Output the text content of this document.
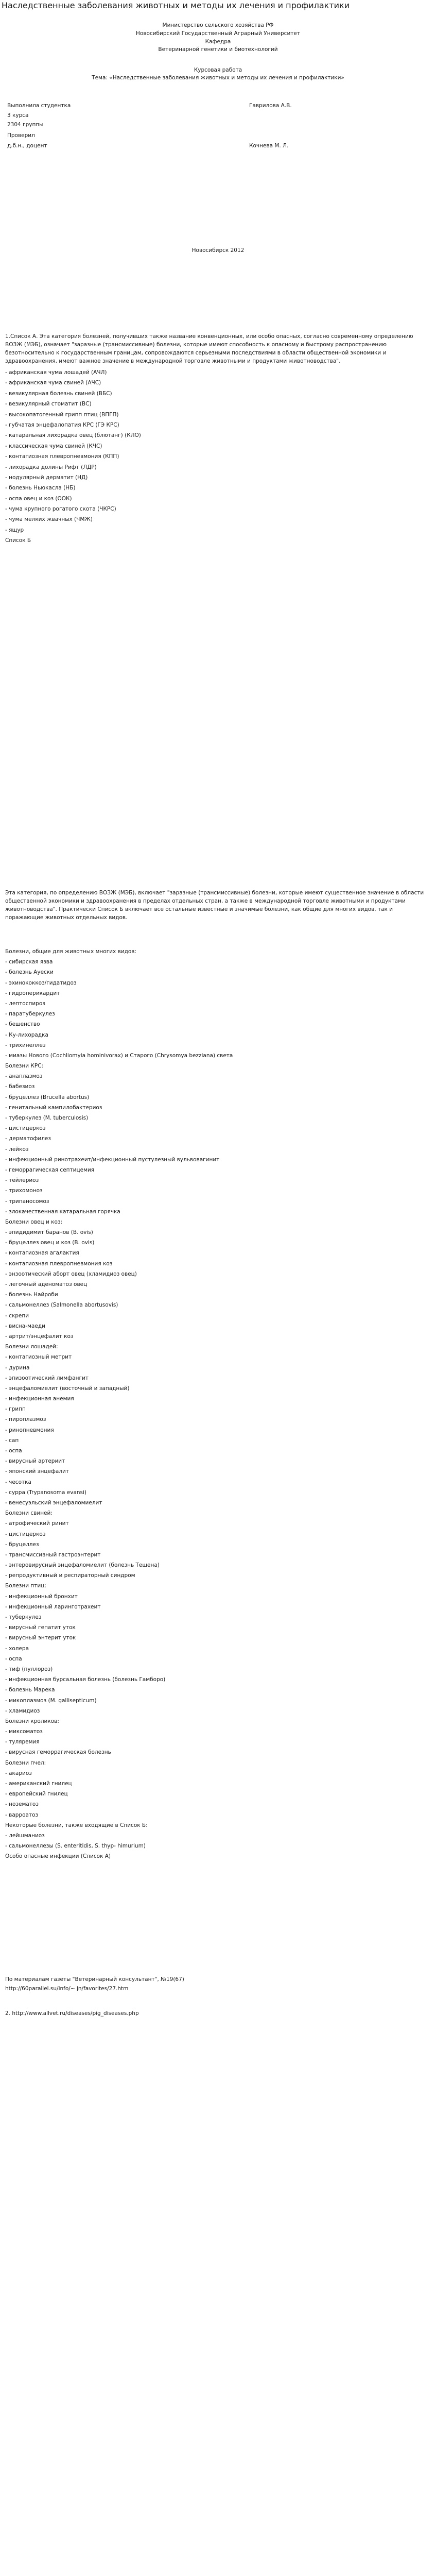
Наследственные заболевания животных и методы их лечения и профилактики
Министерство сельского хозяйства РФ
Новосибирский Государственный Аграрный Университет
Кафедра
Ветеринарной генетики и биотехнологий
Курсовая работа
Тема: «Наследственные заболевания животных и методы их лечения и профилактики»
Выполнила студентка	Гаврилова А.В.
3 курса
2304 группы
Проверил
д.б.н., доцент	Кочнева М. Л.
Новосибирск 2012
1.Список А. Эта категория болезней, получивших также название конвенционных, или особо опасных, согласно современному определению ВОЗЖ (МЭБ), означает "заразные (трансмиссивные) болезни, которые имеют способность к опасному и быстрому распространению безотносительно к государственным границам, сопровождаются серьезными последствиями в области общественной экономики и здравоохранения, имеют важное значение в международной торговле животными и продуктами животноводства".
- африканская чума лошадей (АЧЛ)
- африканская чума свиней (АЧС)
- везикулярная болезнь свиней (ВБС)
- везикулярный стоматит (ВС)
- высокопатогенный грипп птиц (ВПГП)
- губчатая энцефалопатия КРС (ГЭ КРС)
- катаральная лихорадка овец (блютанг) (КЛО)
- классическая чума свиней (КЧС)
- контагиозная плевропневмония (КПП)
- лихорадка долины Рифт (ЛДР)
- нодулярный дерматит (НД)
- болезнь Ньюкасла (НБ)
- оспа овец и коз (ООК)
- чума крупного рогатого скота (ЧКРС)
- чума мелких жвачных (ЧМЖ)
- ящур
Список Б
Эта категория, по определению ВОЗЖ (МЭБ), включает "заразные (трансмиссивные) болезни, которые имеют существенное значение в области общественной экономики и здравоохранения в пределах отдельных стран, а также в международной торговле животными и продуктами животноводства". Практически Список Б включает все остальные известные и значимые болезни, как общие для многих видов, так и поражающие животных отдельных видов.
Болезни, общие для животных многих видов:
- сибирская язва
- болезнь Ауески
- эхинококкоз/гидатидоз
- гидроперикардит
- лептоспироз
- паратуберкулез
- бешенство
- Ку-лихорадка
- трихинеллез
- миазы Нового (Cochliomyia hominivorax) и Старого (Chrysomya bezziana) света
Болезни КРС:
- анаплазмоз
- бабезиоз
- бруцеллез (Brucella abortus)
- генитальный кампилобактериоз
- туберкулез (M. tuberculosis)
- цистицеркоз
- дерматофилез
- лейкоз
- инфекционный ринотрахеит/инфекционный пустулезный вульвовагинит
- геморрагическая септицемия
- тейлериоз
- трихомоноз
- трипаносомоз
- злокачественная катаральная горячка
Болезни овец и коз:
- эпидидимит баранов (B. ovis)
- бруцеллез овец и коз (B. ovis)
- контагиозная агалактия
- контагиозная плевропневмония коз
- энзоотический аборт овец (хламидиоз овец)
- легочный аденоматоз овец
- болезнь Найроби
- сальмонеллез (Salmonella abortusovis)
- скрепи
- висна-маеди
- артрит/энцефалит коз
Болезни лошадей:
- контагиозный метрит
- дурина
- эпизоотический лимфангит
- энцефаломиелит (восточный и западный)
- инфекционная анемия
- грипп
- пироплазмоз
- ринопневмония
- сап
- оспа
- вирусный артериит
- японский энцефалит
- чесотка
- сурра (Trypanosoma evansi)
- венесуэльский энцефаломиелит
Болезни свиней:
- атрофический ринит
- цистицеркоз
- бруцеллез
- трансмиссивный гастроэнтерит
- энтеровирусный энцефаломиелит (болезнь Тешена)
- репродуктивный и респираторный синдром
Болезни птиц:
- инфекционный бронхит
- инфекционный ларинготрахеит
- туберкулез
- вирусный гепатит уток
- вирусный энтерит уток
- холера
- оспа
- тиф (пуллороз)
- инфекционная бурсальная болезнь (болезнь Гамборо)
- болезнь Марека
- микоплазмоз (M. gallisepticum)
- хламидиоз
Болезни кроликов:
- миксоматоз
- туляремия
- вирусная геморрагическая болезнь
Болезни пчел:
- акариоз
- американский гнилец
- европейский гнилец
- нозематоз
- варроатоз
Некоторые болезни, также входящие в Список Б:
- лейшманиоз
- сальмонеллезы (S. enteritidis, S. thyp- himurium)
Особо опасные инфекции (Список А)
По материалам газеты "Ветеринарный консультант", №19(67)
http://60parallel.su/info/~ jn/favorites/27.htm
2. http://www.allvet.ru/diseases/pig_diseases.php
